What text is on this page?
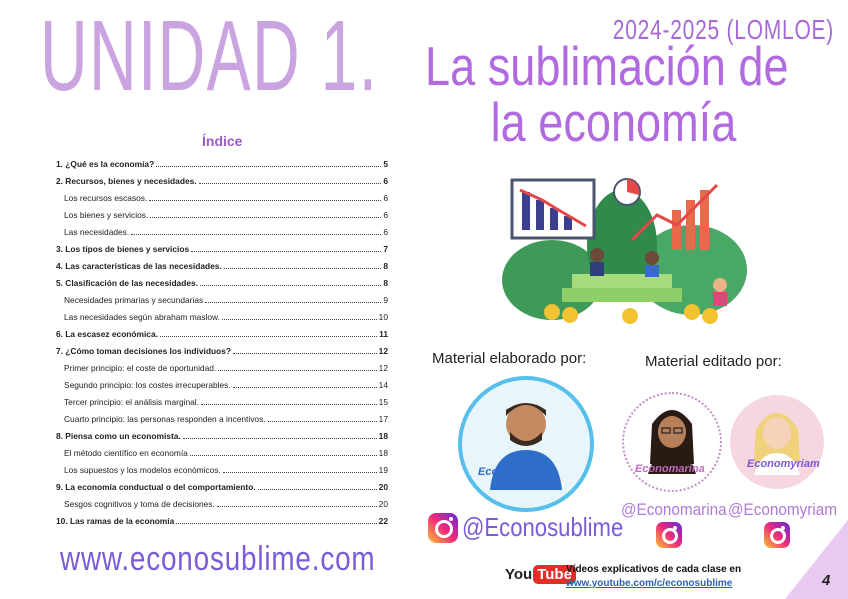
UNIDAD 1.	2024-2025 (LOMLOE)
La sublimación de
la economía
Índice
1. ¿Qué es la economía?	5
2. Recursos, bienes y necesidades.	6
Los recursos escasos.	6
Los bienes y servicios.	6
Las necesidades.	6
3. Los tipos de bienes y servicios	7
4. Las características de las necesidades.	8
5. Clasificación de las necesidades.	8
Necesidades primarias y secundarias	9
Las necesidades según abraham maslow.	10
6. La escasez económica.	11
7. ¿Cómo toman decisiones los individuos?	12
Primer principio: el coste de oportunidad.	12
Segundo principio: los costes irrecuperables.	14
Tercer principio: el análisis marginal.	15
Cuarto principio: las personas responden a incentivos.	17
8. Piensa como un economista.	18
El método científico en economía	18
Los supuestos y los modelos económicos.	19
9. La economía conductual o del comportamiento.	20
Sesgos cognitivos y toma de decisiones.	20
10. Las ramas de la economía	22
www.econosublime.com
Material elaborado por:	Material editado por:
Econosublime	Economarina	Economyriam
@Econosublime
@Economarina @Economyriam
You Tube
Vídeos explicativos de cada clase en
www.youtube.com/c/econosublime	4
